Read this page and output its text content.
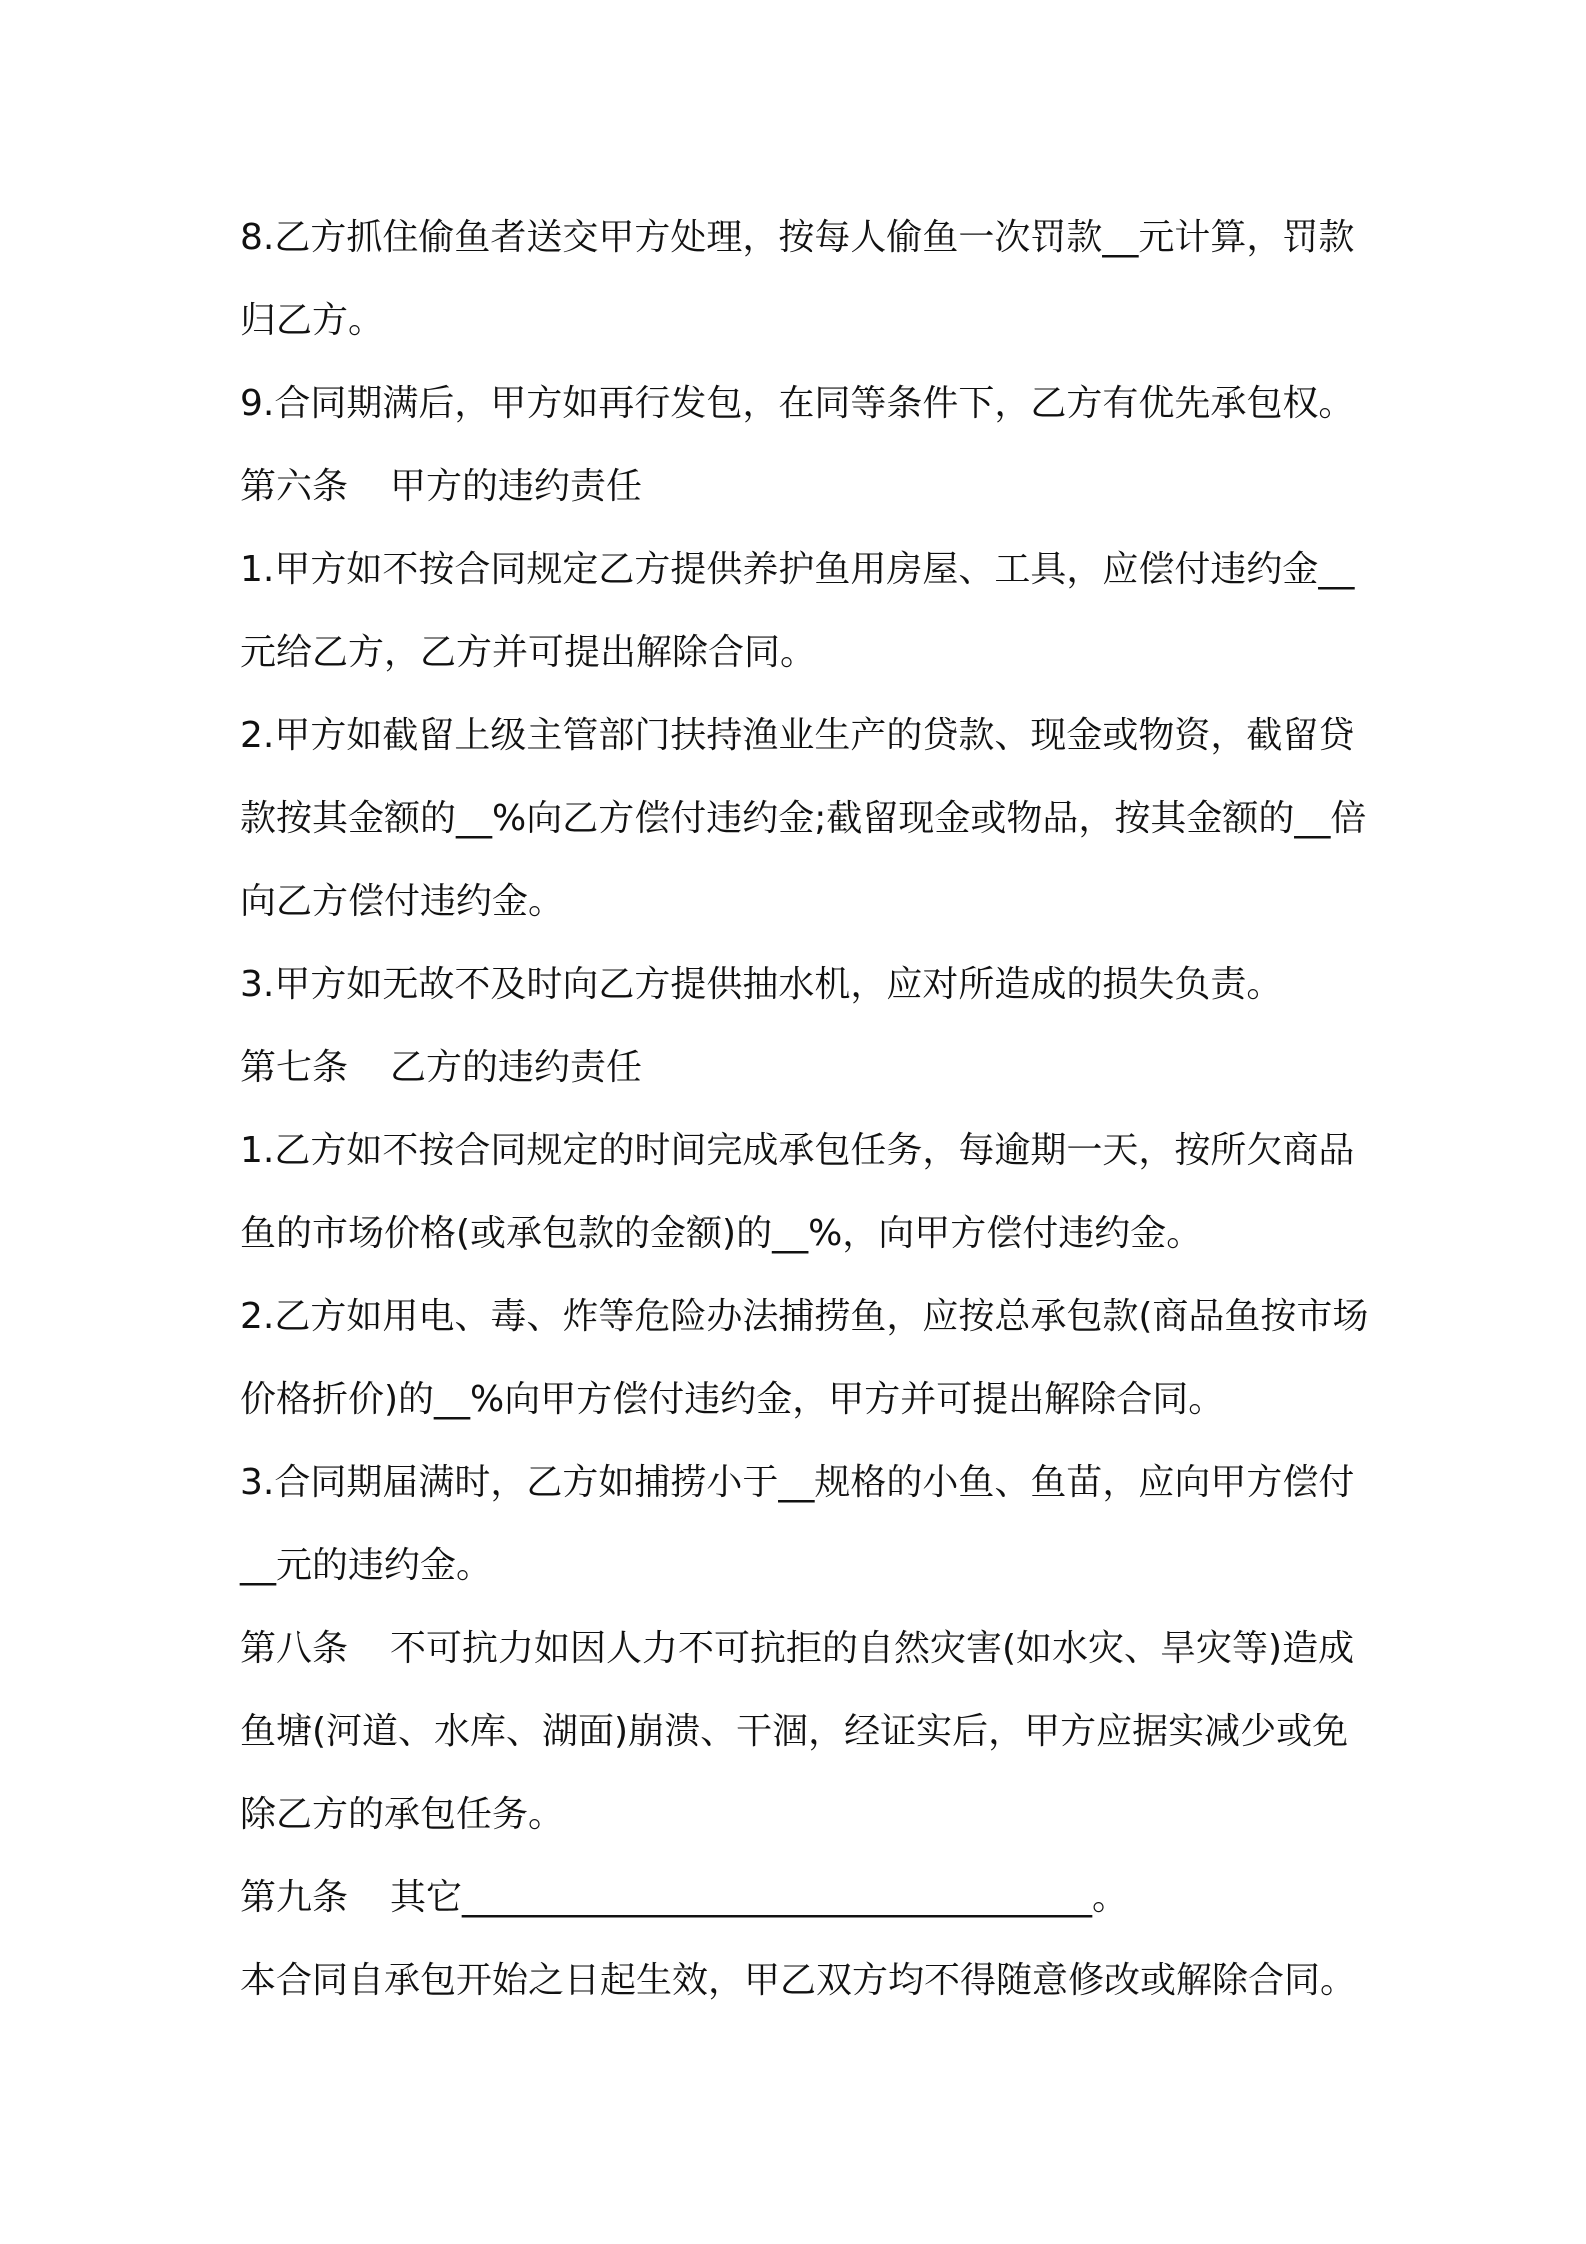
8.乙方抓住偷鱼者送交甲方处理，按每人偷鱼一次罚款__元计算，罚款归乙方。

9.合同期满后，甲方如再行发包，在同等条件下，乙方有优先承包权。

第六条 甲方的违约责任

1.甲方如不按合同规定乙方提供养护鱼用房屋、工具，应偿付违约金__元给乙方，乙方并可提出解除合同。

2.甲方如截留上级主管部门扶持渔业生产的贷款、现金或物资，截留贷款按其金额的__%向乙方偿付违约金;截留现金或物品，按其金额的__倍向乙方偿付违约金。

3.甲方如无故不及时向乙方提供抽水机，应对所造成的损失负责。

第七条 乙方的违约责任

1.乙方如不按合同规定的时间完成承包任务，每逾期一天，按所欠商品鱼的市场价格(或承包款的金额)的__%，向甲方偿付违约金。

2.乙方如用电、毒、炸等危险办法捕捞鱼，应按总承包款(商品鱼按市场价格折价)的__%向甲方偿付违约金，甲方并可提出解除合同。

3.合同期届满时，乙方如捕捞小于__规格的小鱼、鱼苗，应向甲方偿付__元的违约金。

第八条 不可抗力如因人力不可抗拒的自然灾害(如水灾、旱灾等)造成鱼塘(河道、水库、湖面)崩溃、干涸，经证实后，甲方应据实减少或免除乙方的承包任务。

第九条 其它___________________________________。

本合同自承包开始之日起生效，甲乙双方均不得随意修改或解除合同。
